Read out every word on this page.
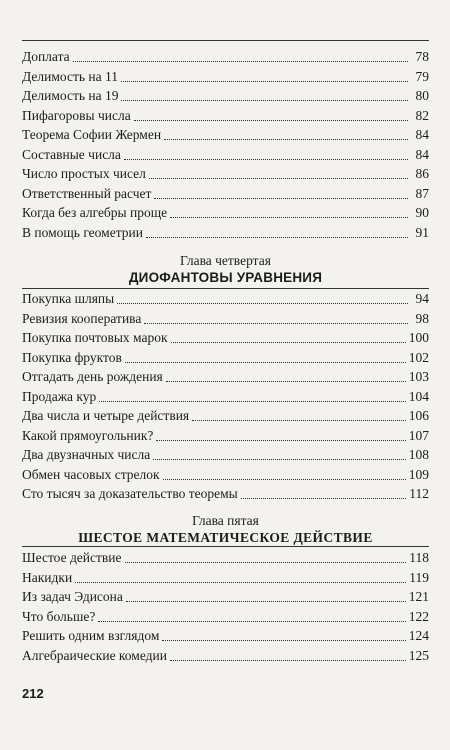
Доплата	78
Делимость на 11	79
Делимость на 19	80
Пифагоровы числа	82
Теорема Софии Жермен	84
Составные числа	84
Число простых чисел	86
Ответственный расчет	87
Когда без алгебры проще	90
В помощь геометрии	91
Глава четвертая
ДИОФАНТОВЫ УРАВНЕНИЯ
Покупка шляпы	94
Ревизия кооператива	98
Покупка почтовых марок	100
Покупка фруктов	102
Отгадать день рождения	103
Продажа кур	104
Два числа и четыре действия	106
Какой прямоугольник?	107
Два двузначных числа	108
Обмен часовых стрелок	109
Сто тысяч за доказательство теоремы	112
Глава пятая
ШЕСТОЕ МАТЕМАТИЧЕСКОЕ ДЕЙСТВИЕ
Шестое действие	118
Накидки	119
Из задач Эдисона	121
Что больше?	122
Решить одним взглядом	124
Алгебраические комедии	125
212
